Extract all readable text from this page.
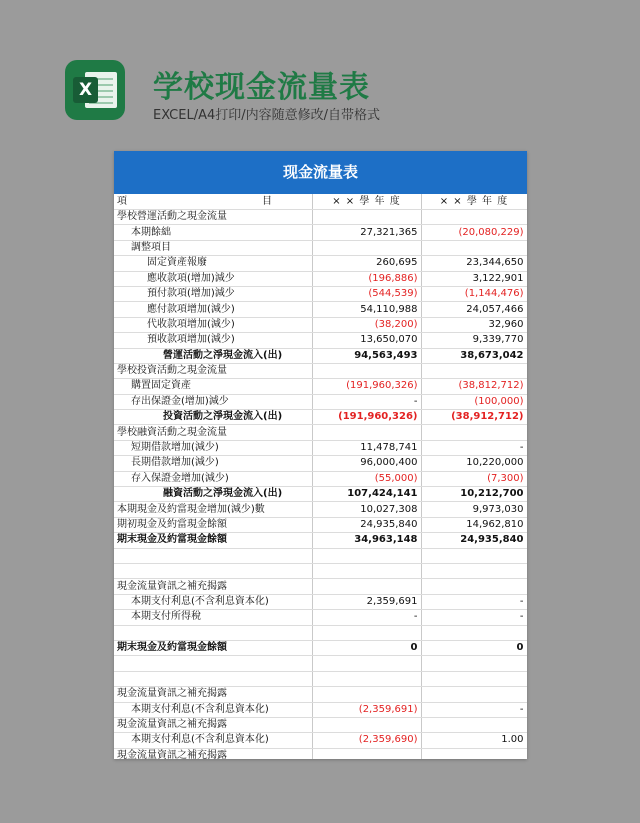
X 学校现金流量表
EXCEL/A4打印/内容随意修改/自带格式
现金流量表
項 目		× × 學 年 度	× × 學 年 度
學校營運活動之現金流量			
本期餘絀		27,321,365	(20,080,229)
調整項目			
固定資產報廢		260,695	23,344,650
應收款項(增加)減少		(196,886)	3,122,901
預付款項(增加)減少		(544,539)	(1,144,476)
應付款項增加(減少)		54,110,988	24,057,466
代收款項增加(減少)		(38,200)	32,960
預收款項增加(減少)		13,650,070	9,339,770
營運活動之淨現金流入(出)		94,563,493	38,673,042
學校投資活動之現金流量			
購置固定資產		(191,960,326)	(38,812,712)
存出保證金(增加)減少		-	(100,000)
投資活動之淨現金流入(出)		(191,960,326)	(38,912,712)
學校融資活動之現金流量			
短期借款增加(減少)		11,478,741	-
長期借款增加(減少)		96,000,400	10,220,000
存入保證金增加(減少)		(55,000)	(7,300)
融資活動之淨現金流入(出)		107,424,141	10,212,700
本期現金及約當現金增加(減少)數		10,027,308	9,973,030
期初現金及約當現金餘額		24,935,840	14,962,810
期末現金及約當現金餘額		34,963,148	24,935,840

現金流量資訊之補充揭露			
本期支付利息(不含利息資本化)		2,359,691	-
本期支付所得稅		-	-

期末現金及約當現金餘額		0	0

現金流量資訊之補充揭露			
本期支付利息(不含利息資本化)		(2,359,691)	-
現金流量資訊之補充揭露			
本期支付利息(不含利息資本化)		(2,359,690)	1.00
現金流量資訊之補充揭露			
